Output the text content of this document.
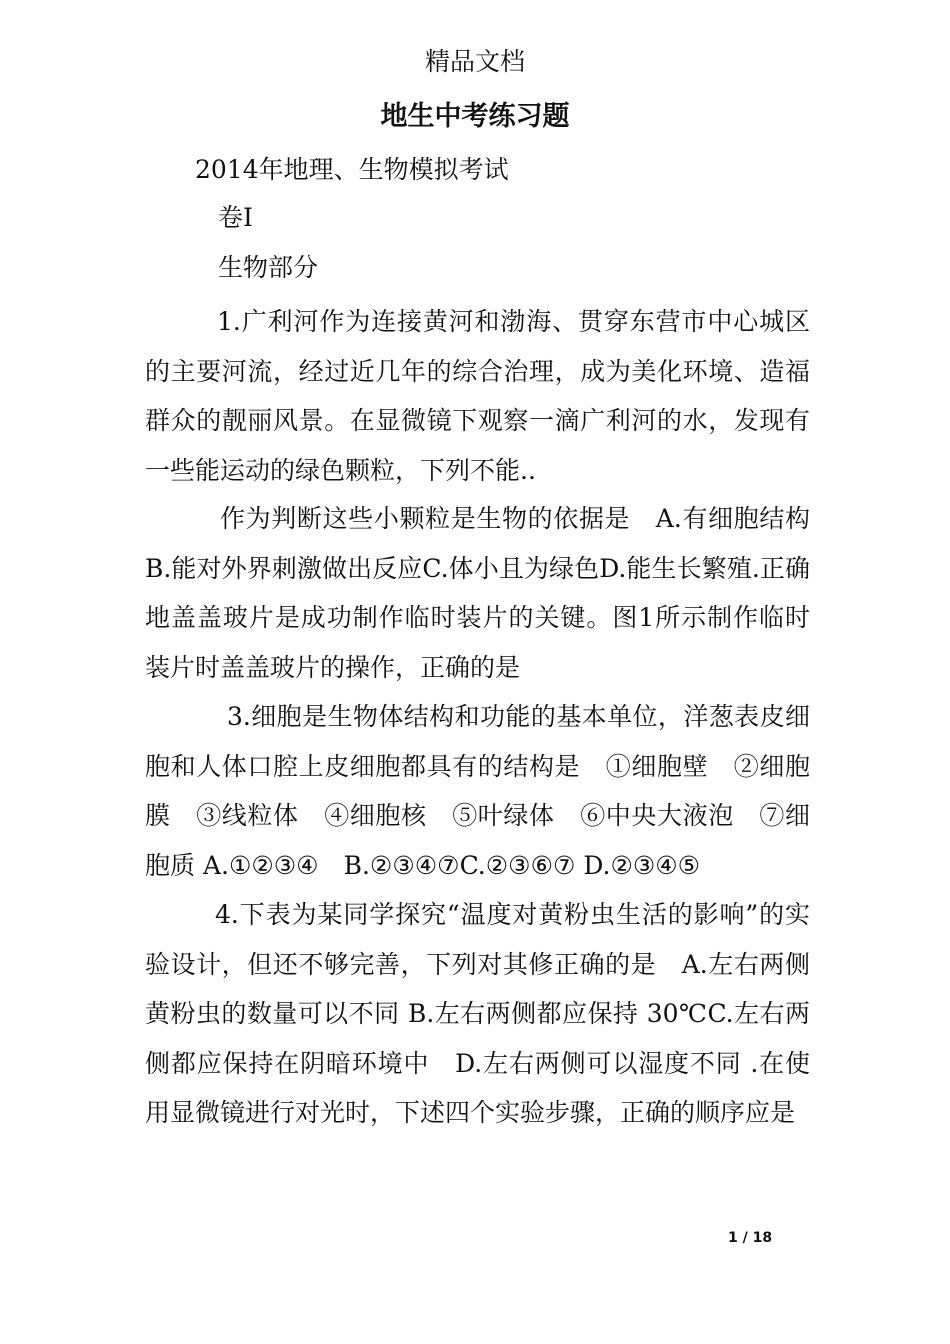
精品文档
地生中考练习题
2014年地理、生物模拟考试
卷Ⅰ
生物部分
1.广利河作为连接黄河和渤海、贯穿东营市中心城区的主要河流，经过近几年的综合治理，成为美化环境、造福群众的靓丽风景。在显微镜下观察一滴广利河的水，发现有一些能运动的绿色颗粒，下列不能..
作为判断这些小颗粒是生物的依据是　A.有细胞结构B.能对外界刺激做出反应C.体小且为绿色D.能生长繁殖.正确地盖盖玻片是成功制作临时装片的关键。图1所示制作临时装片时盖盖玻片的操作，正确的是
3.细胞是生物体结构和功能的基本单位，洋葱表皮细胞和人体口腔上皮细胞都具有的结构是　①细胞壁　②细胞膜　③线粒体　④细胞核　⑤叶绿体　⑥中央大液泡　⑦细胞质 A.①②③④　B.②③④⑦C.②③⑥⑦ D.②③④⑤
4.下表为某同学探究“温度对黄粉虫生活的影响”的实验设计，但还不够完善，下列对其修正确的是　A.左右两侧黄粉虫的数量可以不同 B.左右两侧都应保持 30℃C.左右两侧都应保持在阴暗环境中　D.左右两侧可以湿度不同 .在使用显微镜进行对光时，下述四个实验步骤，正确的顺序应是
1 / 18
